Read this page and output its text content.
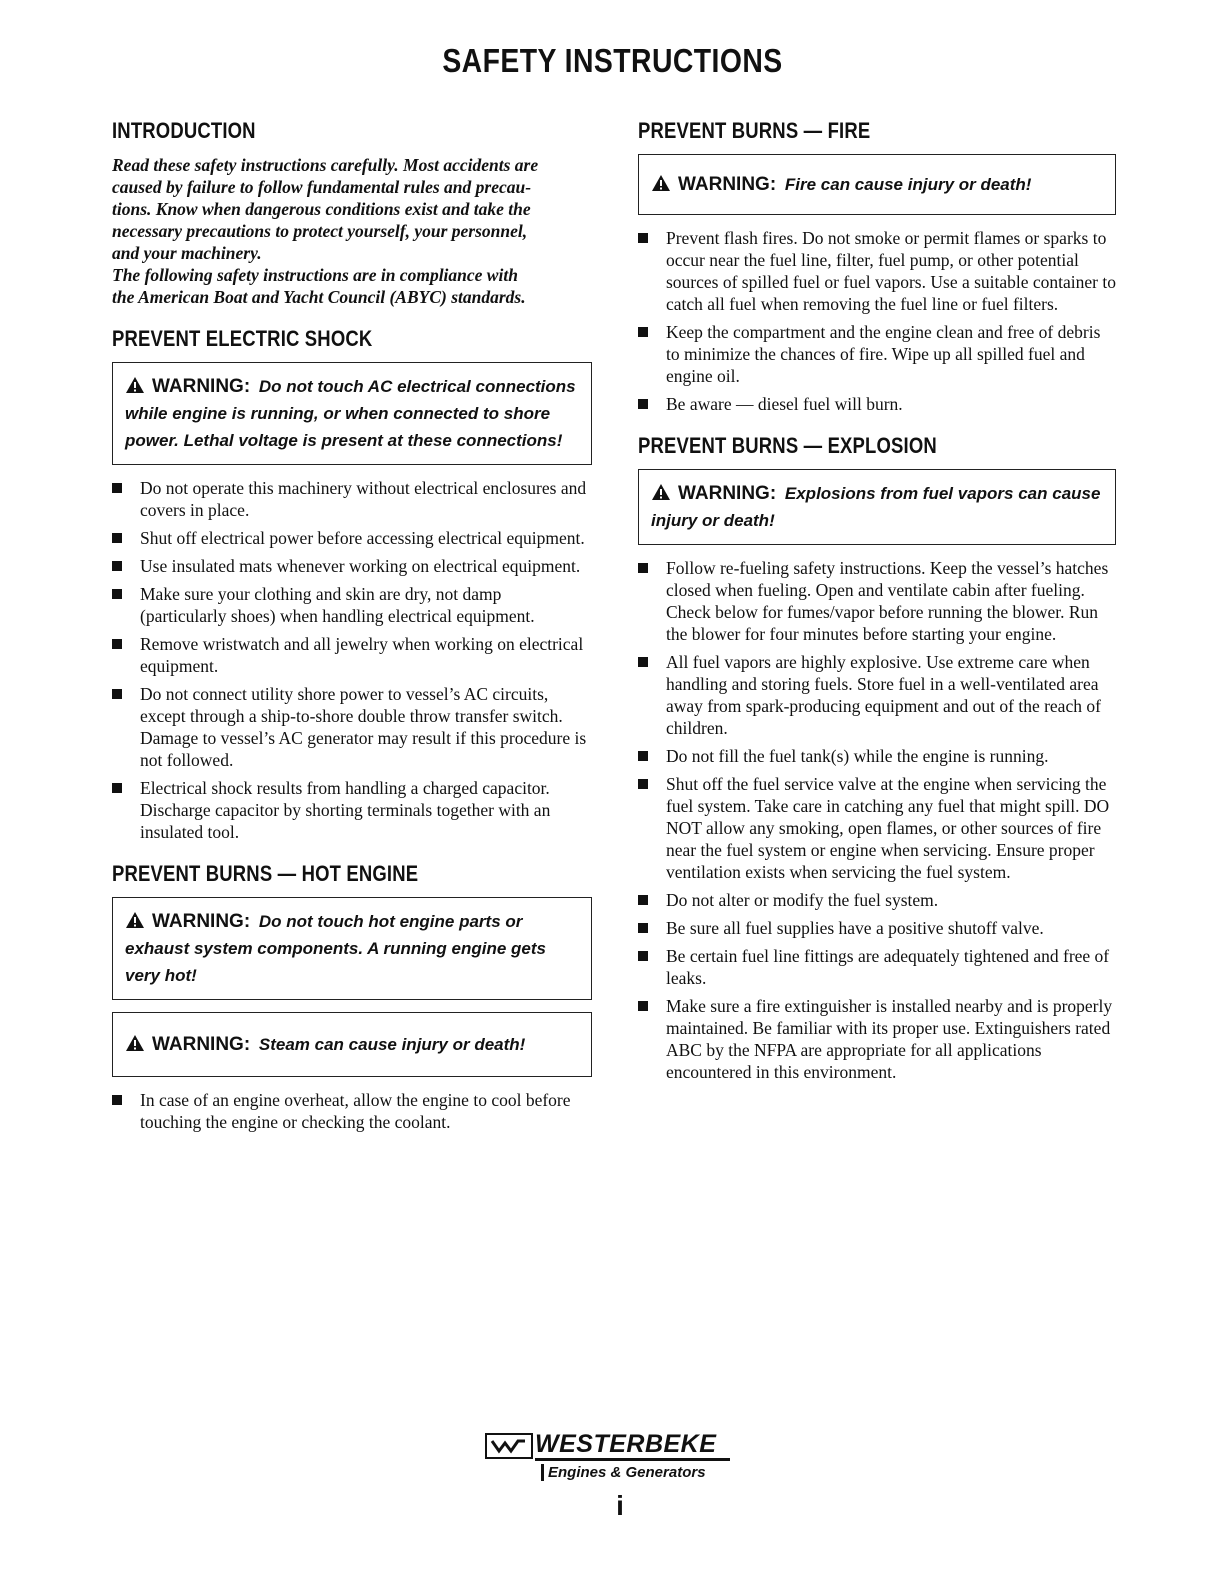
SAFETY INSTRUCTIONS
INTRODUCTION

Read these safety instructions carefully. Most accidents are
caused by failure to follow fundamental rules and precau-
tions. Know when dangerous conditions exist and take the
necessary precautions to protect yourself, your personnel,
and your machinery.
The following safety instructions are in compliance with
the American Boat and Yacht Council (ABYC) standards.

PREVENT ELECTRIC SHOCK
WARNING: Do not touch AC electrical connections
while engine is running, or when connected to shore
power. Lethal voltage is present at these connections!
Do not operate this machinery without electrical enclosures and covers in place.
Shut off electrical power before accessing electrical equipment.
Use insulated mats whenever working on electrical equipment.
Make sure your clothing and skin are dry, not damp (particularly shoes) when handling electrical equipment.
Remove wristwatch and all jewelry when working on electrical equipment.
Do not connect utility shore power to vessel’s AC circuits, except through a ship-to-shore double throw transfer switch. Damage to vessel’s AC generator may result if this procedure is not followed.
Electrical shock results from handling a charged capacitor. Discharge capacitor by shorting terminals together with an insulated tool.
PREVENT BURNS — HOT ENGINE
WARNING: Do not touch hot engine parts or
exhaust system components. A running engine gets
very hot!
WARNING: Steam can cause injury or death!
In case of an engine overheat, allow the engine to cool before touching the engine or checking the coolant.
PREVENT BURNS — FIRE
WARNING: Fire can cause injury or death!
Prevent flash fires. Do not smoke or permit flames or sparks to occur near the fuel line, filter, fuel pump, or other potential sources of spilled fuel or fuel vapors. Use a suitable container to catch all fuel when removing the fuel line or fuel filters.
Keep the compartment and the engine clean and free of debris to minimize the chances of fire. Wipe up all spilled fuel and engine oil.
Be aware — diesel fuel will burn.
PREVENT BURNS — EXPLOSION
WARNING: Explosions from fuel vapors can cause
injury or death!
Follow re-fueling safety instructions. Keep the vessel’s hatches closed when fueling. Open and ventilate cabin after fueling. Check below for fumes/vapor before running the blower. Run the blower for four minutes before starting your engine.
All fuel vapors are highly explosive. Use extreme care when handling and storing fuels. Store fuel in a well-ventilated area away from spark-producing equipment and out of the reach of children.
Do not fill the fuel tank(s) while the engine is running.
Shut off the fuel service valve at the engine when servicing the fuel system. Take care in catching any fuel that might spill. DO NOT allow any smoking, open flames, or other sources of fire near the fuel system or engine when servicing. Ensure proper ventilation exists when servicing the fuel system.
Do not alter or modify the fuel system.
Be sure all fuel supplies have a positive shutoff valve.
Be certain fuel line fittings are adequately tightened and free of leaks.
Make sure a fire extinguisher is installed nearby and is properly maintained. Be familiar with its proper use. Extinguishers rated ABC by the NFPA are appropriate for all applications encountered in this environment.
WESTERBEKE
Engines & Generators
i
